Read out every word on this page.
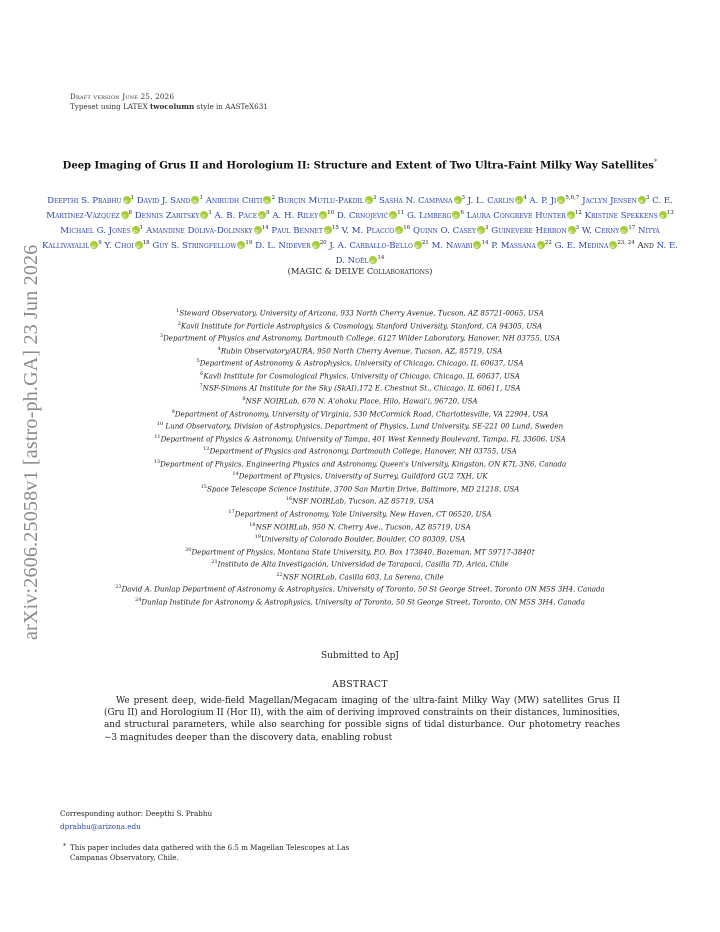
arXiv:2606.25058v1 [astro-ph.GA] 23 Jun 2026
Draft version June 25, 2026
Typeset using LATEX twocolumn style in AASTeX631
Deep Imaging of Grus II and Horologium II: Structure and Extent of Two Ultra-Faint Milky Way Satellites*
Deepthi S. Prabhu iD $^1$ David J. Sand iD $^1$ Anirudh Chiti iD $^2$ Burçin Mutlu-Pakdil iD $^3$ Sasha N. Campana iD $^3$ J. L. Carlin iD $^4$ A. P. Ji iD $^{5,6,7}$ Jaclyn Jensen iD $^3$ C. E. Martínez-Vázquez iD $^8$ Dennis Zaritsky iD $^1$ A. B. Pace iD $^9$ A. H. Riley iD $^{10}$ D. Crnojević iD $^{11}$ G. Limberg iD $^6$ Laura Congreve Hunter iD $^{12}$ Kristine Spekkens iD $^{13}$ Michael G. Jones iD $^1$ Amandine Doliva-Dolinsky iD $^{14}$ Paul Bennet iD $^{15}$ V. M. PlaccoiD $^{16}$ Quinn O. Casey iD $^3$ Guinevere Herron iD $^3$ W. Cerny iD $^{17}$ Nitya Kallivayalil iD $^9$ Y. Choi iD $^{18}$ Guy S. Stringfellow iD $^{19}$ D. L. Nidever iD $^{20}$ J. A. Carballo-Bello iD $^{21}$ M. Navabi iD $^{14}$ P. Massana iD $^{22}$ G. E. Medina iD $^{23, 24}$ And N. E. D. Noël iD $^{14}$
(MAGIC & DELVE Collaborations)
$^1$Steward Observatory, University of Arizona, 933 North Cherry Avenue, Tucson, AZ 85721-0065, USA
$^2$Kavli Institute for Particle Astrophysics & Cosmology, Stanford University, Stanford, CA 94305, USA
$^3$Department of Physics and Astronomy, Dartmouth College, 6127 Wilder Laboratory, Hanover, NH 03755, USA
$^4$Rubin Observatory/AURA, 950 North Cherry Avenue, Tucson, AZ, 85719, USA
$^5$Department of Astronomy & Astrophysics, University of Chicago, Chicago, IL 60637, USA
$^6$Kavli Institute for Cosmological Physics, University of Chicago, Chicago, IL 60637, USA
$^7$NSF-Simons AI Institute for the Sky (SkAI),172 E. Chestnut St., Chicago, IL 60611, USA
$^8$NSF NOIRLab, 670 N. A'ohoku Place, Hilo, Hawai'i, 96720, USA
$^9$Department of Astronomy, University of Virginia, 530 McCormick Road, Charlottesville, VA 22904, USA
$^{10}$ Lund Observatory, Division of Astrophysics, Department of Physics, Lund University, SE-221 00 Lund, Sweden
$^{11}$Department of Physics & Astronomy, University of Tampa, 401 West Kennedy Boulevard, Tampa, FL 33606, USA
$^{12}$Department of Physics and Astronomy, Dartmouth College, Hanover, NH 03755, USA
$^{13}$Department of Physics, Engineering Physics and Astronomy, Queen's University, Kingston, ON K7L 3N6, Canada
$^{14}$Department of Physics, University of Surrey, Guildford GU2 7XH, UK
$^{15}$Space Telescope Science Institute, 3700 San Martin Drive, Baltimore, MD 21218, USA
$^{16}$NSF NOIRLab, Tucson, AZ 85719, USA
$^{17}$Department of Astronomy, Yale University, New Haven, CT 06520, USA
$^{18}$NSF NOIRLab, 950 N. Cherry Ave., Tucson, AZ 85719, USA
$^{19}$University of Colorado Boulder, Boulder, CO 80309, USA
$^{20}$Department of Physics, Montana State University, P.O. Box 173840, Bozeman, MT 59717-3840†
$^{21}$Instituto de Alta Investigación, Universidad de Tarapacá, Casilla 7D, Arica, Chile
$^{22}$NSF NOIRLab, Casilla 603, La Serena, Chile
$^{23}$David A. Dunlap Department of Astronomy & Astrophysics, University of Toronto, 50 St George Street, Toronto ON M5S 3H4, Canada
$^{24}$Dunlap Institute for Astronomy & Astrophysics, University of Toronto, 50 St George Street, Toronto, ON M5S 3H4, Canada
Submitted to ApJ
ABSTRACT
We present deep, wide-field Magellan/Megacam imaging of the ultra-faint Milky Way (MW) satellites Grus II (Gru II) and Horologium II (Hor II), with the aim of deriving improved constraints on their distances, luminosities, and structural parameters, while also searching for possible signs of tidal disturbance. Our photometry reaches ∼3 magnitudes deeper than the discovery data, enabling robust
Corresponding author: Deepthi S. Prabhu
dprabhu@arizona.edu
* This paper includes data gathered with the 6.5 m Magellan Telescopes at Las Campanas Observatory, Chile.
